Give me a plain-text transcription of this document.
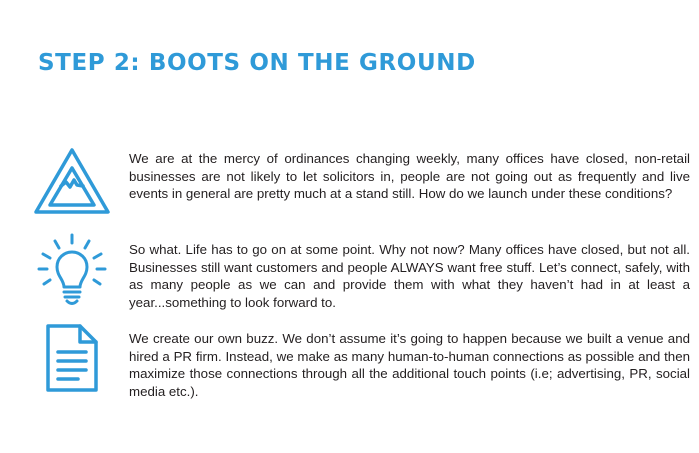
STEP 2: BOOTS ON THE GROUND

We are at the mercy of ordinances changing weekly, many offices have closed, non-retail businesses are not likely to let solicitors in, people are not going out as frequently and live events in general are pretty much at a stand still. How do we launch under these conditions?

So what. Life has to go on at some point. Why not now? Many offices have closed, but not all. Businesses still want customers and people ALWAYS want free stuff. Let’s connect, safely, with as many people as we can and provide them with what they haven’t had in at least a year...something to look forward to.

We create our own buzz. We don’t assume it’s going to happen because we built a venue and hired a PR firm. Instead, we make as many human-to-human connections as possible and then maximize those connections through all the additional touch points (i.e; advertising, PR, social media etc.).
